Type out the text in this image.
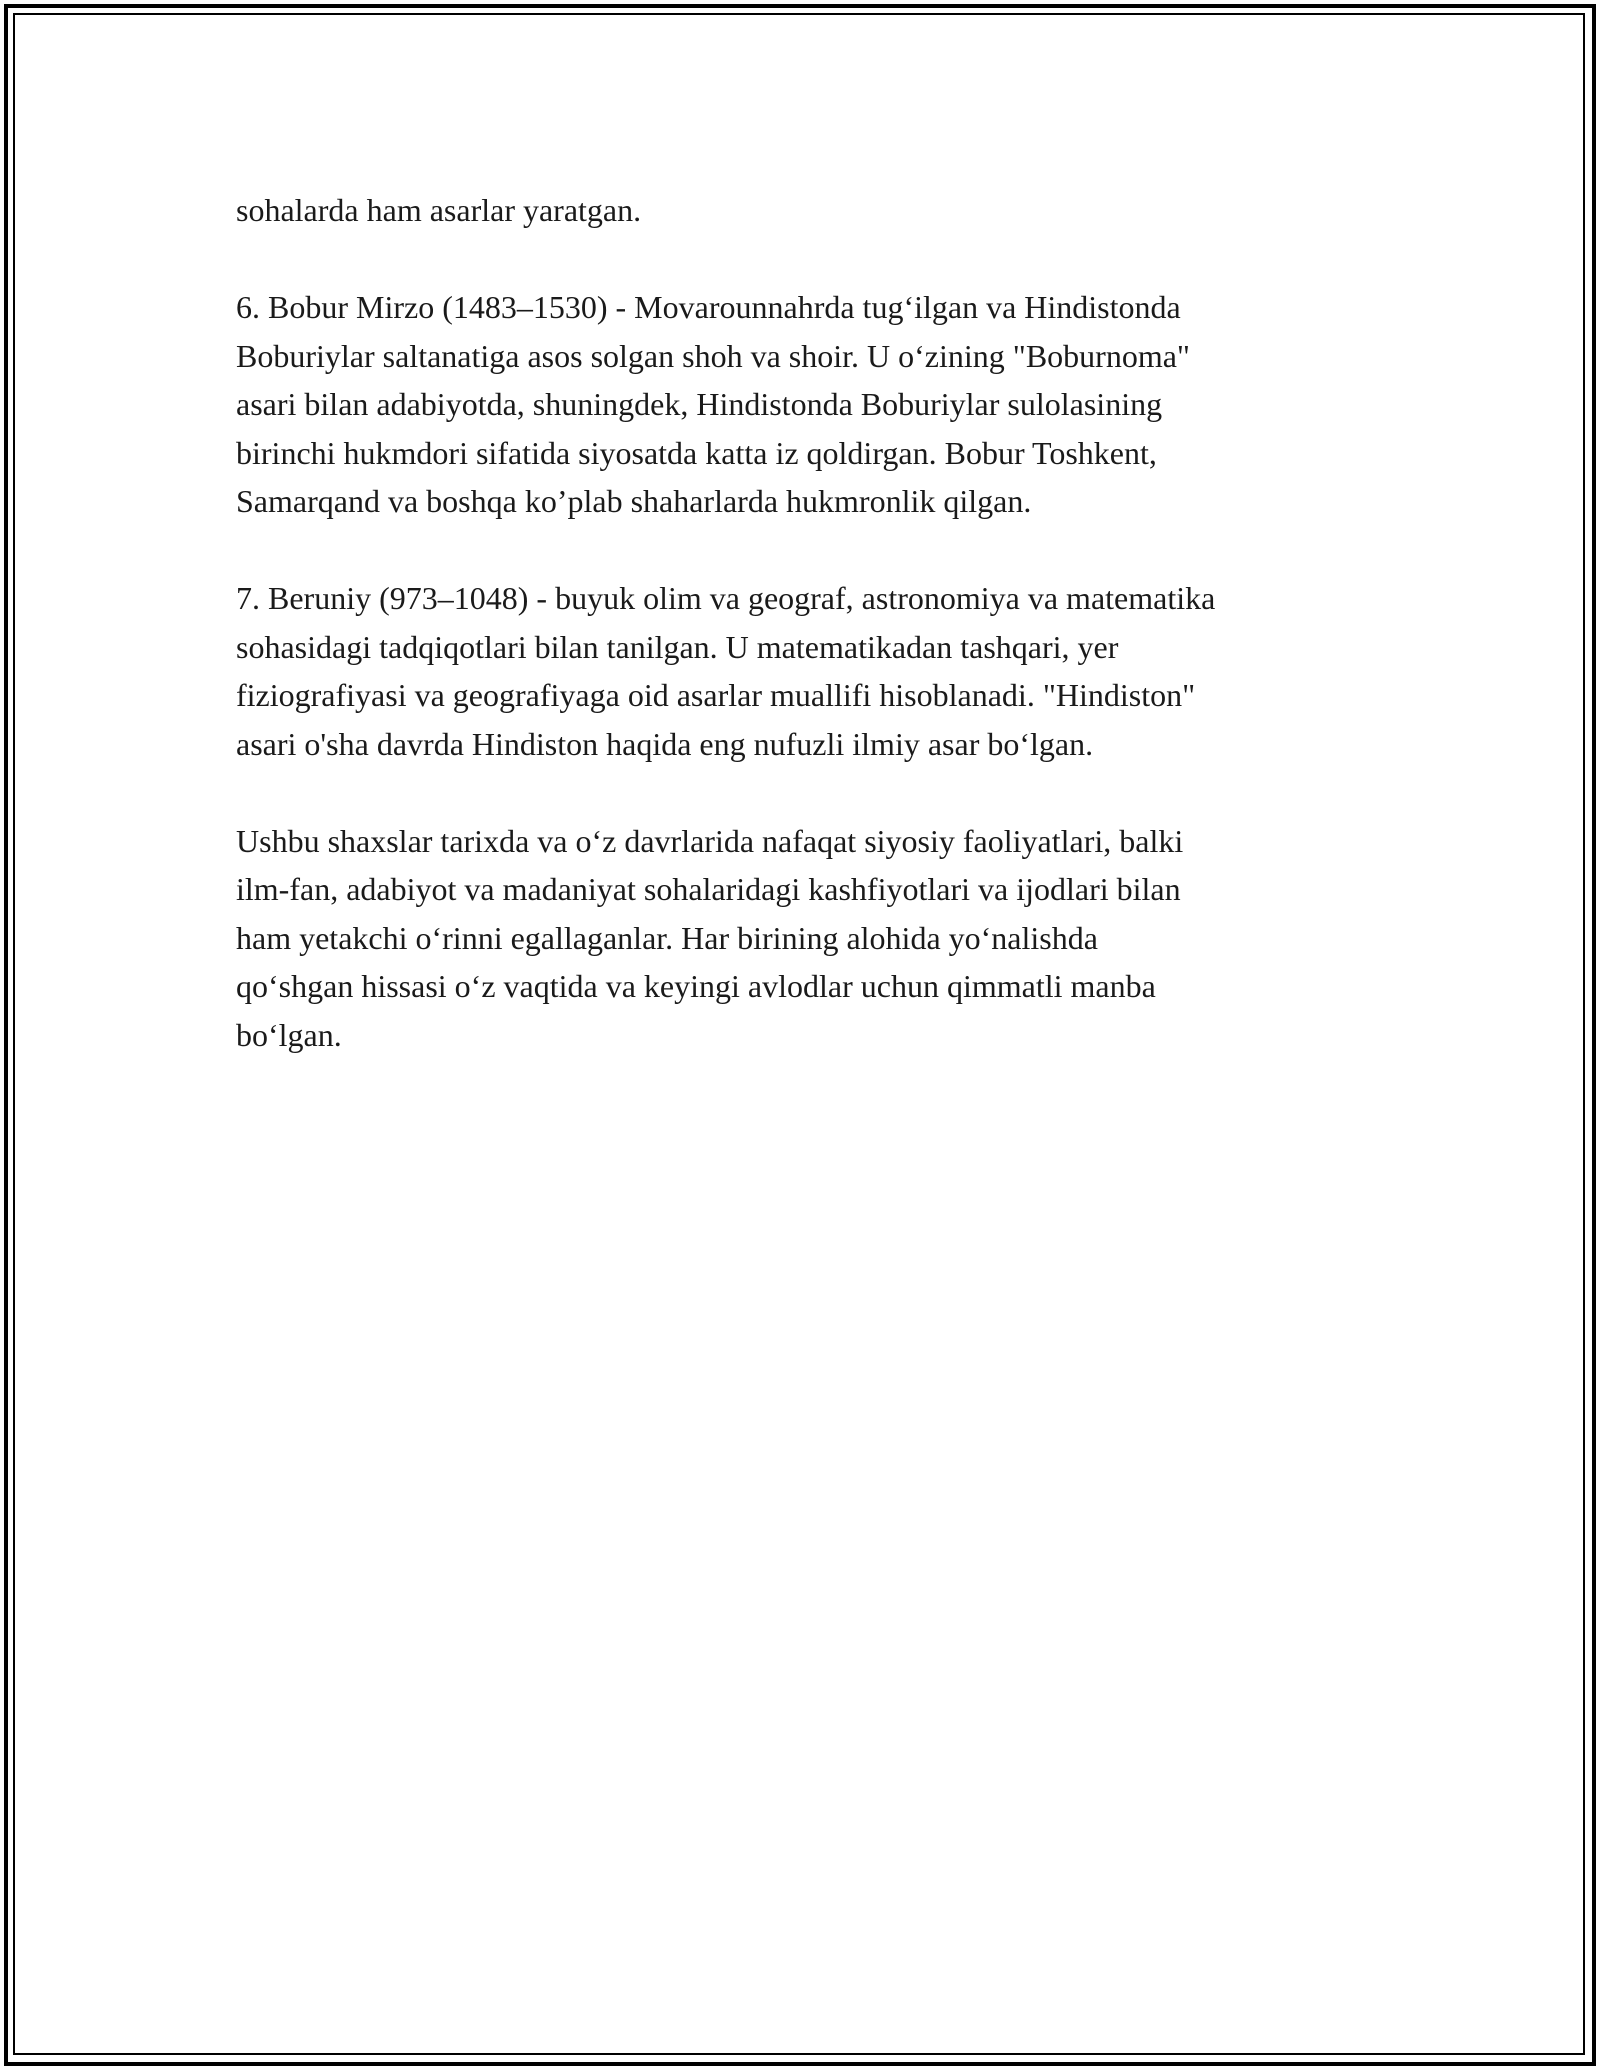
sohalarda ham asarlar yaratgan.

6. Bobur Mirzo (1483–1530) - Movarounnahrda tug‘ilgan va Hindistonda
Boburiylar saltanatiga asos solgan shoh va shoir. U o‘zining "Boburnoma"
asari bilan adabiyotda, shuningdek, Hindistonda Boburiylar sulolasining
birinchi hukmdori sifatida siyosatda katta iz qoldirgan. Bobur Toshkent,
Samarqand va boshqa ko’plab shaharlarda hukmronlik qilgan.

7. Beruniy (973–1048) - buyuk olim va geograf, astronomiya va matematika
sohasidagi tadqiqotlari bilan tanilgan. U matematikadan tashqari, yer
fiziografiyasi va geografiyaga oid asarlar muallifi hisoblanadi. "Hindiston"
asari o'sha davrda Hindiston haqida eng nufuzli ilmiy asar bo‘lgan.

Ushbu shaxslar tarixda va o‘z davrlarida nafaqat siyosiy faoliyatlari, balki
ilm-fan, adabiyot va madaniyat sohalaridagi kashfiyotlari va ijodlari bilan
ham yetakchi o‘rinni egallaganlar. Har birining alohida yo‘nalishda
qo‘shgan hissasi o‘z vaqtida va keyingi avlodlar uchun qimmatli manba
bo‘lgan.
